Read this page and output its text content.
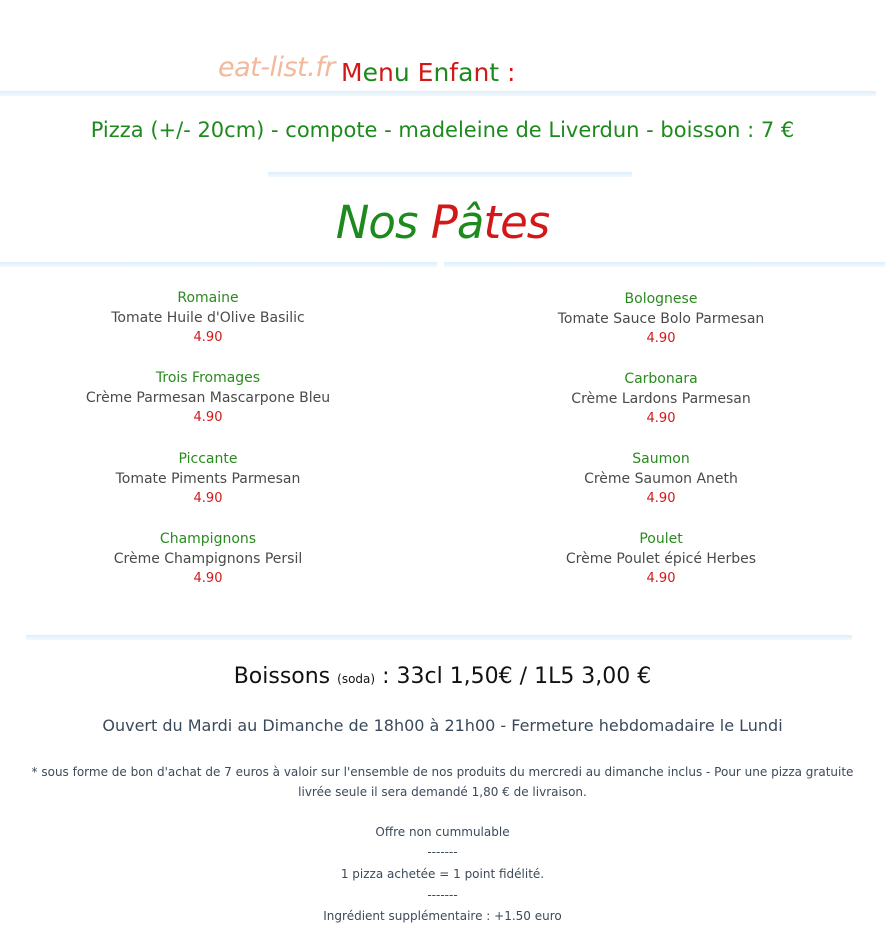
eat-list.fr Menu Enfant :
Pizza (+/- 20cm) - compote - madeleine de Liverdun - boisson : 7 €
Nos Pâtes
Romaine
Tomate Huile d'Olive Basilic
4.90
Trois Fromages
Crème Parmesan Mascarpone Bleu
4.90
Piccante
Tomate Piments Parmesan
4.90
Champignons
Crème Champignons Persil
4.90
Bolognese
Tomate Sauce Bolo Parmesan
4.90
Carbonara
Crème Lardons Parmesan
4.90
Saumon
Crème Saumon Aneth
4.90
Poulet
Crème Poulet épicé Herbes
4.90
Boissons (soda) : 33cl 1,50€ / 1L5 3,00 €
Ouvert du Mardi au Dimanche de 18h00 à 21h00 - Fermeture hebdomadaire le Lundi
* sous forme de bon d'achat de 7 euros à valoir sur l'ensemble de nos produits du mercredi au dimanche inclus - Pour une pizza gratuite livrée seule il sera demandé 1,80 € de livraison.
Offre non cummulable
-------
1 pizza achetée = 1 point fidélité.
-------
Ingrédient supplémentaire : +1.50 euro
